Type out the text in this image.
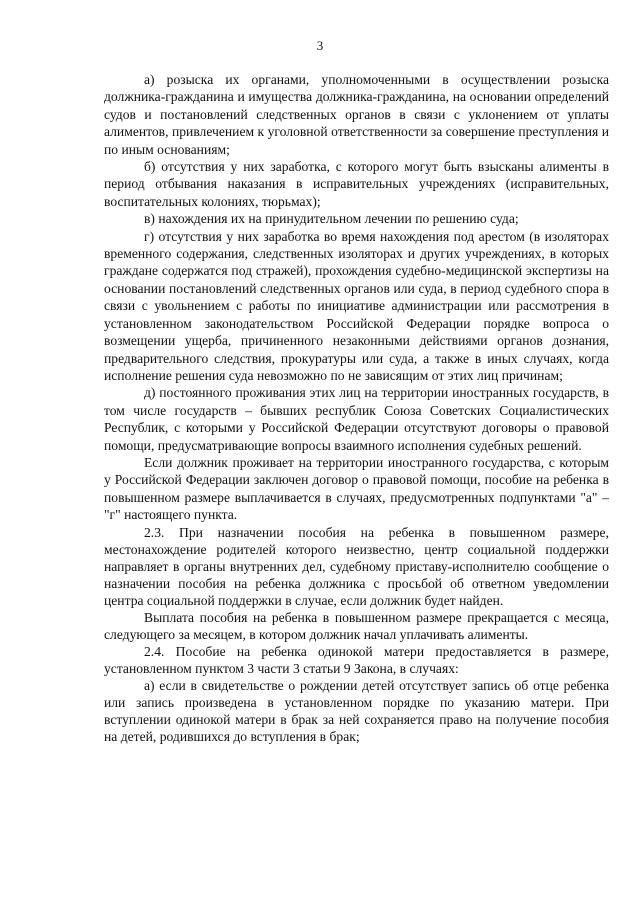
3

а) розыска их органами, уполномоченными в осуществлении розыска должника-гражданина и имущества должника-гражданина, на основании определений судов и постановлений следственных органов в связи с уклонением от уплаты алиментов, привлечением к уголовной ответственности за совершение преступления и по иным основаниям;

б) отсутствия у них заработка, с которого могут быть взысканы алименты в период отбывания наказания в исправительных учреждениях (исправительных, воспитательных колониях, тюрьмах);

в) нахождения их на принудительном лечении по решению суда;

г) отсутствия у них заработка во время нахождения под арестом (в изоляторах временного содержания, следственных изоляторах и других учреждениях, в которых граждане содержатся под стражей), прохождения судебно-медицинской экспертизы на основании постановлений следственных органов или суда, в период судебного спора в связи с увольнением с работы по инициативе администрации или рассмотрения в установленном законодательством Российской Федерации порядке вопроса о возмещении ущерба, причиненного незаконными действиями органов дознания, предварительного следствия, прокуратуры или суда, а также в иных случаях, когда исполнение решения суда невозможно по не зависящим от этих лиц причинам;

д) постоянного проживания этих лиц на территории иностранных государств, в том числе государств – бывших республик Союза Советских Социалистических Республик, с которыми у Российской Федерации отсутствуют договоры о правовой помощи, предусматривающие вопросы взаимного исполнения судебных решений.

Если должник проживает на территории иностранного государства, с которым у Российской Федерации заключен договор о правовой помощи, пособие на ребенка в повышенном размере выплачивается в случаях, предусмотренных подпунктами "а" – "г" настоящего пункта.

2.3. При назначении пособия на ребенка в повышенном размере, местонахождение родителей которого неизвестно, центр социальной поддержки направляет в органы внутренних дел, судебному приставу-исполнителю сообщение о назначении пособия на ребенка должника с просьбой об ответном уведомлении центра социальной поддержки в случае, если должник будет найден.

Выплата пособия на ребенка в повышенном размере прекращается с месяца, следующего за месяцем, в котором должник начал уплачивать алименты.

2.4. Пособие на ребенка одинокой матери предоставляется в размере, установленном пунктом 3 части 3 статьи 9 Закона, в случаях:

а) если в свидетельстве о рождении детей отсутствует запись об отце ребенка или запись произведена в установленном порядке по указанию матери. При вступлении одинокой матери в брак за ней сохраняется право на получение пособия на детей, родившихся до вступления в брак;
